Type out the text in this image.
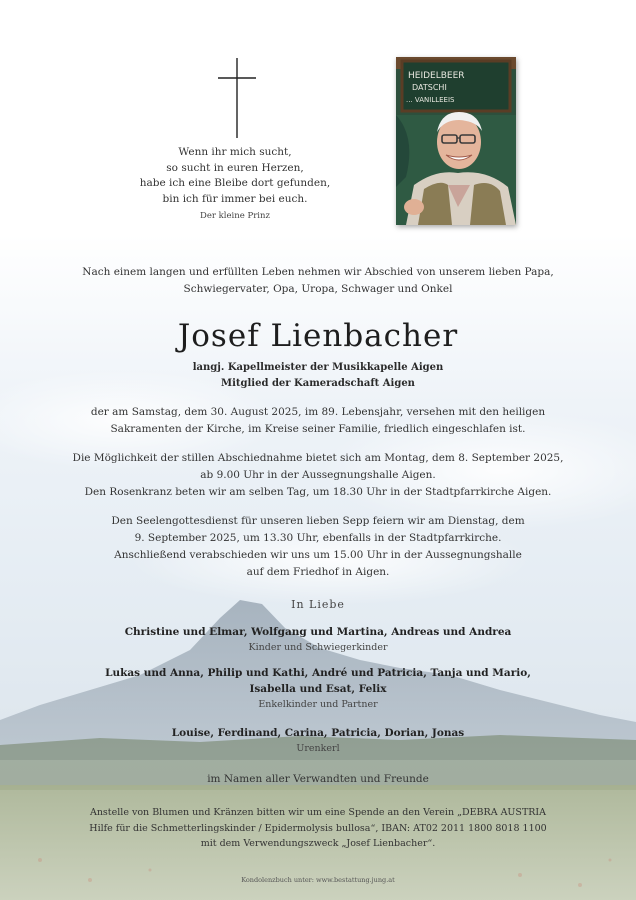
Wenn ihr mich sucht,
so sucht in euren Herzen,
habe ich eine Bleibe dort gefunden,
bin ich für immer bei euch.
Der kleine Prinz
HEIDELBEER
DATSCHI
... VANILLEEIS
Nach einem langen und erfüllten Leben nehmen wir Abschied von unserem lieben Papa, Schwiegervater, Opa, Uropa, Schwager und Onkel
Josef Lienbacher
langj. Kapellmeister der Musikkapelle Aigen
Mitglied der Kameradschaft Aigen
der am Samstag, dem 30. August 2025, im 89. Lebensjahr, versehen mit den heiligen Sakramenten der Kirche, im Kreise seiner Familie, friedlich eingeschlafen ist.
Die Möglichkeit der stillen Abschiednahme bietet sich am Montag, dem 8. September 2025,
ab 9.00 Uhr in der Aussegnungshalle Aigen.
Den Rosenkranz beten wir am selben Tag, um 18.30 Uhr in der Stadtpfarrkirche Aigen.
Den Seelengottesdienst für unseren lieben Sepp feiern wir am Dienstag, dem
9. September 2025, um 13.30 Uhr, ebenfalls in der Stadtpfarrkirche.
Anschließend verabschieden wir uns um 15.00 Uhr in der Aussegnungshalle
auf dem Friedhof in Aigen.
In Liebe
Christine und Elmar, Wolfgang und Martina, Andreas und Andrea
Kinder und Schwiegerkinder
Lukas und Anna, Philip und Kathi, André und Patricia, Tanja und Mario, Isabella und Esat, Felix
Enkelkinder und Partner
Louise, Ferdinand, Carina, Patricia, Dorian, Jonas
Urenkerl
im Namen aller Verwandten und Freunde
Anstelle von Blumen und Kränzen bitten wir um eine Spende an den Verein „DEBRA AUSTRIA
Hilfe für die Schmetterlingskinder / Epidermolysis bullosa“, IBAN: AT02 2011 1800 8018 1100
mit dem Verwendungszweck „Josef Lienbacher“.
Kondolenzbuch unter: www.bestattung.jung.at
